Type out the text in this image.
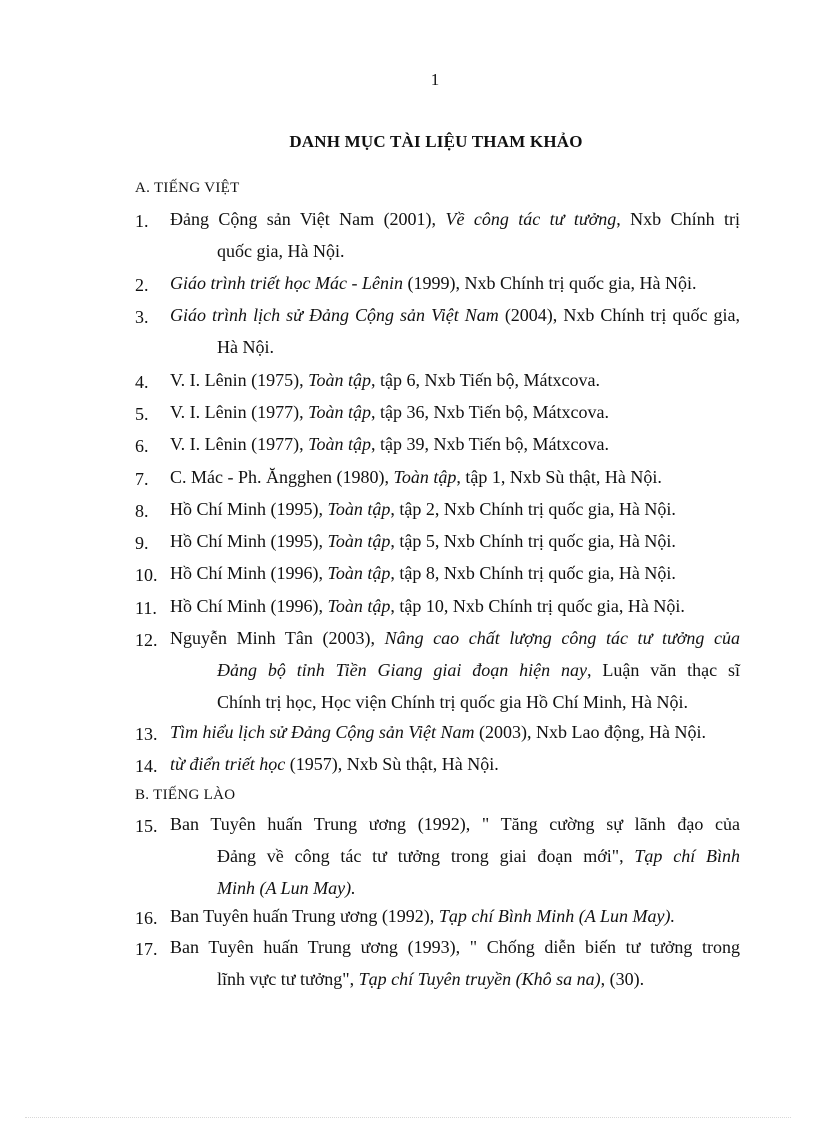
1
DANH MỤC TÀI LIỆU THAM KHẢO
A. TIẾNG VIỆT
1.	Đảng Cộng sản Việt Nam (2001), Về công tác tư tưởng, Nxb Chính trị
quốc gia, Hà Nội.
2.	Giáo trình triết học Mác - Lênin (1999), Nxb Chính trị quốc gia, Hà Nội.
3.	Giáo trình lịch sử Đảng Cộng sản Việt Nam (2004), Nxb Chính trị quốc gia,
Hà Nội.
4.	V. I. Lênin (1975), Toàn tập, tập 6, Nxb Tiến bộ, Mátxcova.
5.	V. I. Lênin (1977), Toàn tập, tập 36, Nxb Tiến bộ, Mátxcova.
6.	V. I. Lênin (1977), Toàn tập, tập 39, Nxb Tiến bộ, Mátxcova.
7.	C. Mác - Ph. Ăngghen (1980), Toàn tập, tập 1, Nxb Sù thật, Hà Nội.
8.	Hồ Chí Minh (1995), Toàn tập, tập 2, Nxb Chính trị quốc gia, Hà Nội.
9.	Hồ Chí Minh (1995), Toàn tập, tập 5, Nxb Chính trị quốc gia, Hà Nội.
10. Hồ Chí Minh (1996), Toàn tập, tập 8, Nxb Chính trị quốc gia, Hà Nội.
11. Hồ Chí Minh (1996), Toàn tập, tập 10, Nxb Chính trị quốc gia, Hà Nội.
12. Nguyễn Minh Tân (2003), Nâng cao chất lượng công tác tư tưởng của
Đảng bộ tỉnh Tiền Giang giai đoạn hiện nay, Luận văn thạc sĩ
Chính trị học, Học viện Chính trị quốc gia Hồ Chí Minh, Hà Nội.
13. Tìm hiểu lịch sử Đảng Cộng sản Việt Nam (2003), Nxb Lao động, Hà Nội.
14. từ điển triết học (1957), Nxb Sù thật, Hà Nội.
B. TIẾNG LÀO
15. Ban Tuyên huấn Trung ương (1992), " Tăng cường sự lãnh đạo của
Đảng về công tác tư tưởng trong giai đoạn mới", Tạp chí Bình
Minh (A Lun May).
16. Ban Tuyên huấn Trung ương (1992), Tạp chí Bình Minh (A Lun May).
17. Ban Tuyên huấn Trung ương (1993), " Chống diễn biến tư tưởng trong
lĩnh vực tư tưởng", Tạp chí Tuyên truyền (Khô sa na), (30).
